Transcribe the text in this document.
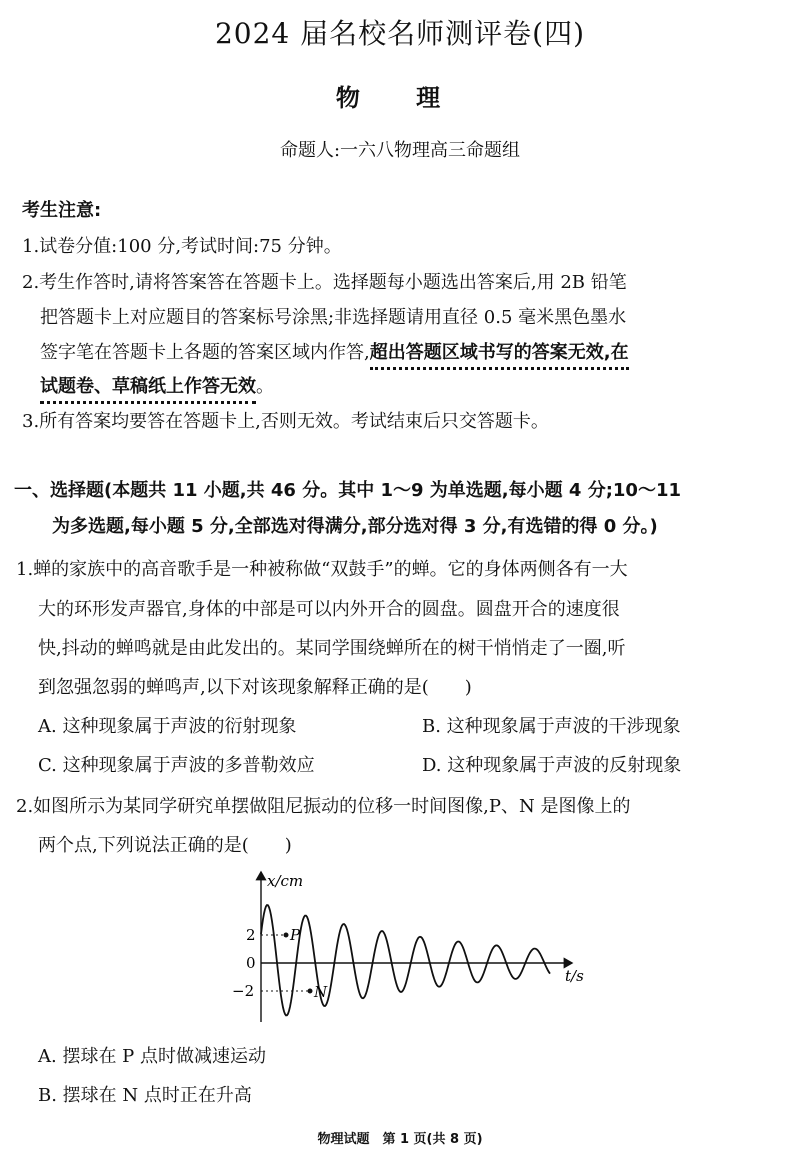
2024 届名校名师测评卷(四)
物 理
命题人:一六八物理高三命题组
考生注意:
1.试卷分值:100 分,考试时间:75 分钟。
2.考生作答时,请将答案答在答题卡上。选择题每小题选出答案后,用 2B 铅笔
把答题卡上对应题目的答案标号涂黑;非选择题请用直径 0.5 毫米黑色墨水
签字笔在答题卡上各题的答案区域内作答,超出答题区域书写的答案无效,在
试题卷、草稿纸上作答无效。
3.所有答案均要答在答题卡上,否则无效。考试结束后只交答题卡。
一、选择题(本题共 11 小题,共 46 分。其中 1～9 为单选题,每小题 4 分;10～11
为多选题,每小题 5 分,全部选对得满分,部分选对得 3 分,有选错的得 0 分。)
1.蝉的家族中的高音歌手是一种被称做“双鼓手”的蝉。它的身体两侧各有一大
大的环形发声器官,身体的中部是可以内外开合的圆盘。圆盘开合的速度很
快,抖动的蝉鸣就是由此发出的。某同学围绕蝉所在的树干悄悄走了一圈,听
到忽强忽弱的蝉鸣声,以下对该现象解释正确的是(　　)
A. 这种现象属于声波的衍射现象	B. 这种现象属于声波的干涉现象
C. 这种现象属于声波的多普勒效应	D. 这种现象属于声波的反射现象
2.如图所示为某同学研究单摆做阻尼振动的位移一时间图像,P、N 是图像上的
两个点,下列说法正确的是(　　)
x/cm
t/s
2
0
−2
P
N
A. 摆球在 P 点时做减速运动
B. 摆球在 N 点时正在升高
物理试题　第 1 页(共 8 页)
